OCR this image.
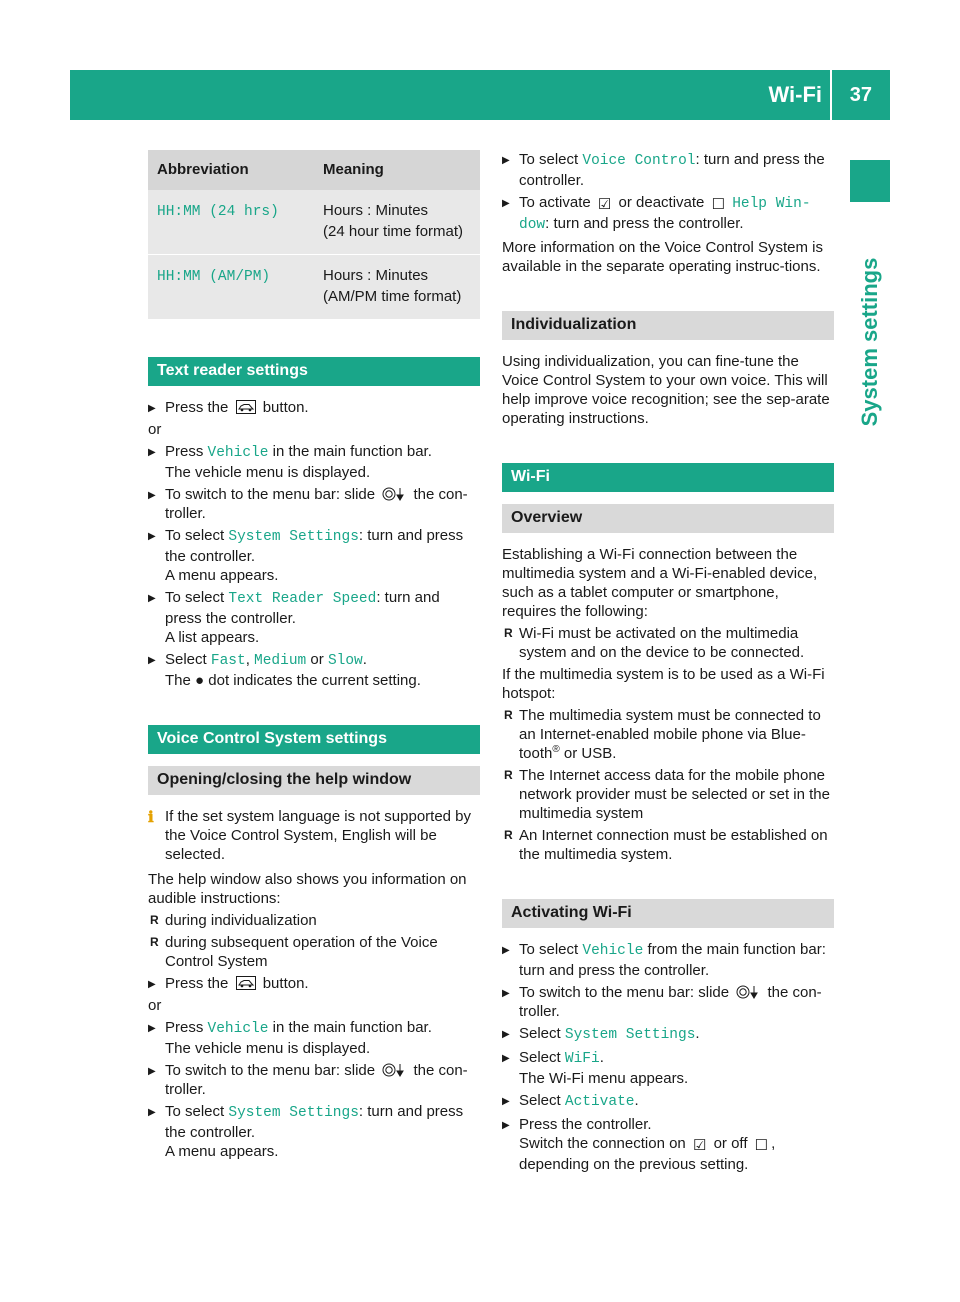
Wi-Fi 37
System settings
Abbreviation	Meaning
HH:MM (24 hrs)	Hours : Minutes
(24 hour time format)

HH:MM (AM/PM)	Hours : Minutes
(AM/PM time format)
Text reader settings
▶ Press the button.
or
▶ Press Vehicle in the main function bar.
The vehicle menu is displayed.
▶ To switch to the menu bar: slide	the con-troller.
▶ To select System Settings: turn and press the controller.
A menu appears.
▶ To select Text Reader Speed: turn and press the controller.
A list appears.
▶ Select Fast, Medium or Slow.
The ● dot indicates the current setting.
Voice Control System settings
Opening/closing the help window
ℹ If the set system language is not supported by the Voice Control System, English will be selected.
The help window also shows you information on audible instructions:
R during individualization
R during subsequent operation of the Voice Control System
▶ Press the button.
or
▶ Press Vehicle in the main function bar.
The vehicle menu is displayed.
▶ To switch to the menu bar: slide	the con-troller.
▶ To select System Settings: turn and press the controller.
A menu appears.
▶ To select Voice Control: turn and press the controller.
▶ To activate ☑ or deactivate ☐ Help Win-dow: turn and press the controller.
More information on the Voice Control System is available in the separate operating instruc-tions.
Individualization
Using individualization, you can fine-tune the Voice Control System to your own voice. This will help improve voice recognition; see the sep-arate operating instructions.
Wi-Fi
Overview
Establishing a Wi-Fi connection between the multimedia system and a Wi-Fi-enabled device, such as a tablet computer or smartphone, requires the following:
R Wi-Fi must be activated on the multimedia system and on the device to be connected.
If the multimedia system is to be used as a Wi-Fi hotspot:
R The multimedia system must be connected to an Internet-enabled mobile phone via Blue-tooth® or USB.
R The Internet access data for the mobile phone network provider must be selected or set in the multimedia system
R An Internet connection must be established on the multimedia system.
Activating Wi-Fi
▶ To select Vehicle from the main function bar: turn and press the controller.
▶ To switch to the menu bar: slide	the con-troller.
▶ Select System Settings.
▶ Select WiFi.
The Wi-Fi menu appears.
▶ Select Activate.
▶ Press the controller.
Switch the connection on ☑ or off ☐ ,
depending on the previous setting.
